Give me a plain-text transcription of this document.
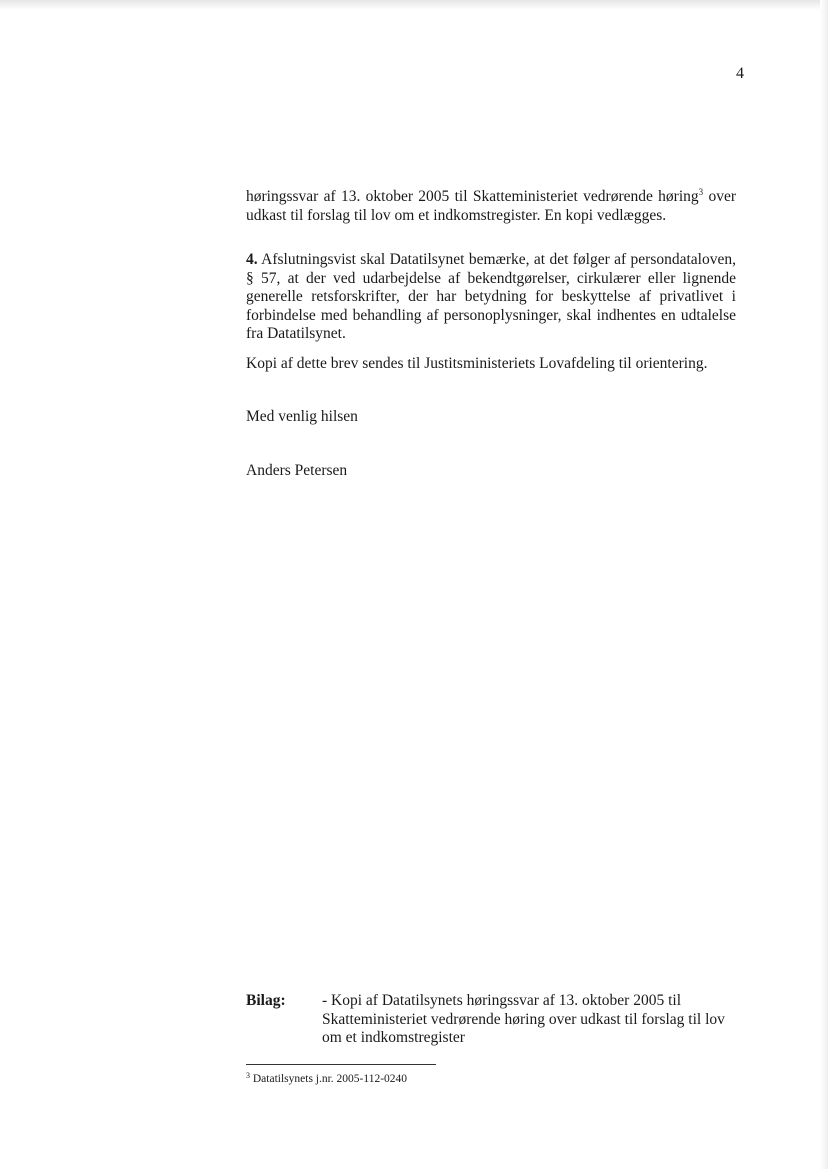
4
høringssvar af 13. oktober 2005 til Skatteministeriet vedrørende høring$^3$ over udkast til forslag til lov om et indkomstregister. En kopi vedlægges.
4. Afslutningsvist skal Datatilsynet bemærke, at det følger af persondataloven, § 57, at der ved udarbejdelse af bekendtgørelser, cirkulærer eller lignende generelle retsforskrifter, der har betydning for beskyttelse af privatlivet i forbindelse med behandling af personoplysninger, skal indhentes en udtalelse fra Datatilsynet.
Kopi af dette brev sendes til Justitsministeriets Lovafdeling til orientering.
Med venlig hilsen
Anders Petersen
Bilag: - Kopi af Datatilsynets høringssvar af 13. oktober 2005 til Skatteministeriet vedrørende høring over udkast til forslag til lov om et indkomstregister
$^3$ Datatilsynets j.nr. 2005-112-0240
